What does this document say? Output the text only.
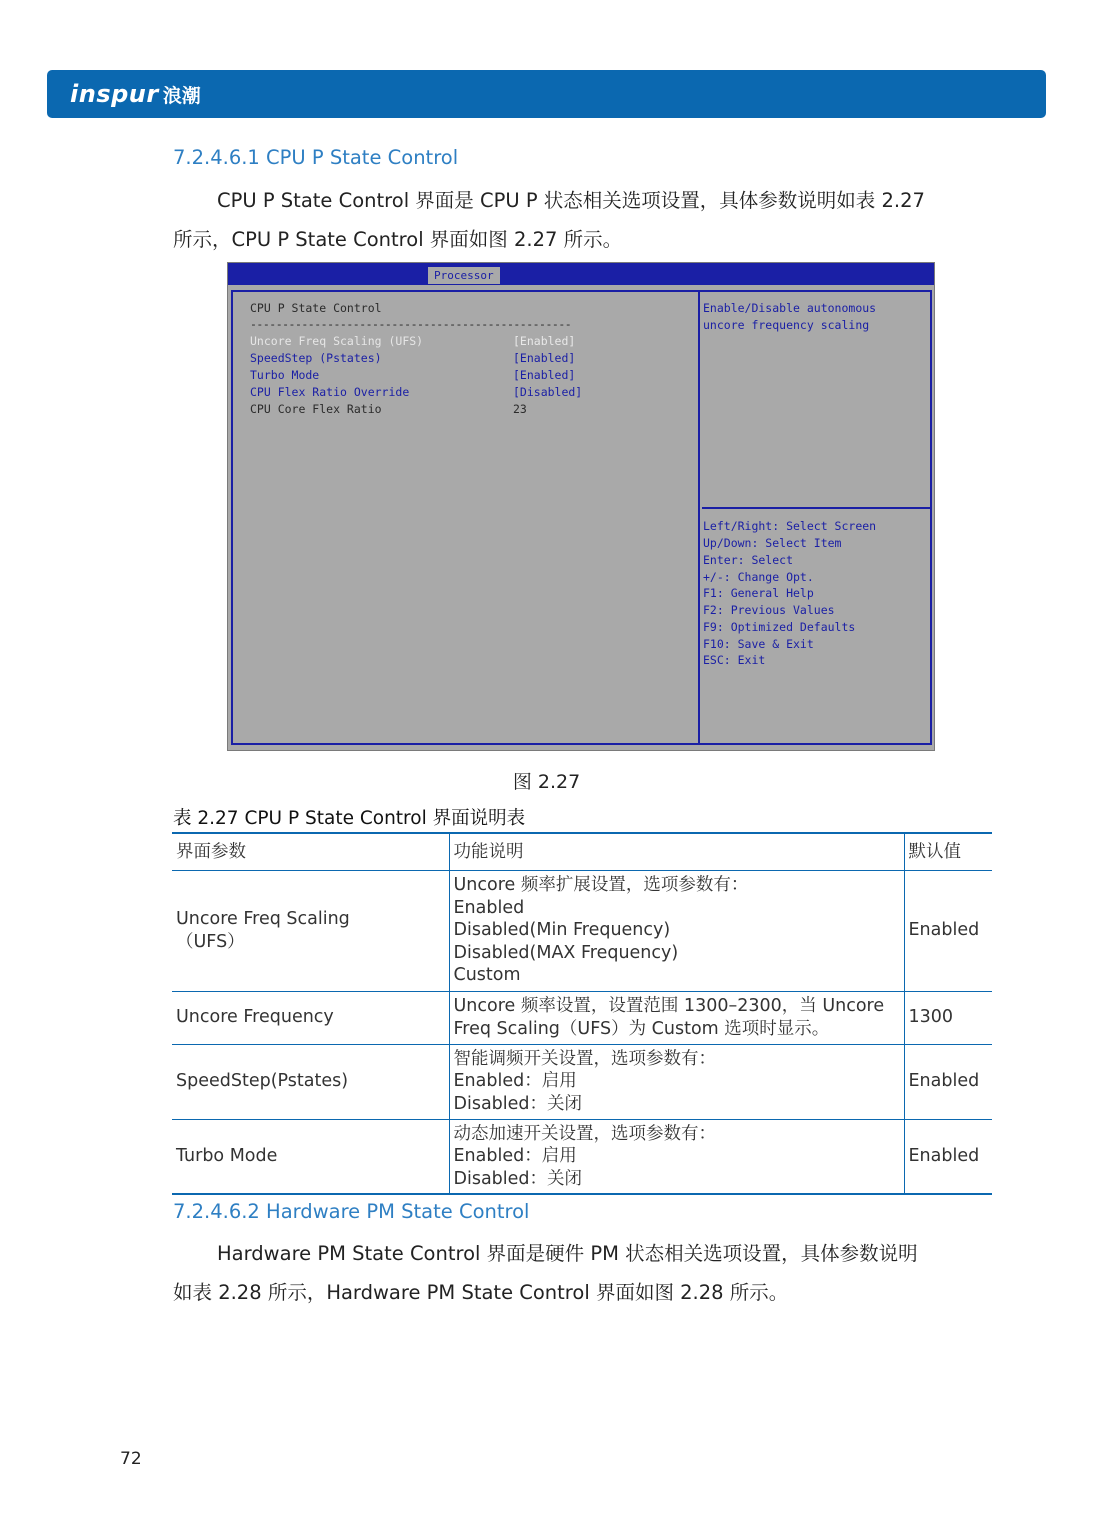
inspur 浪潮
7.2.4.6.1 CPU P State Control
CPU P State Control 界面是 CPU P 状态相关选项设置，具体参数说明如表 2.27
所示，CPU P State Control 界面如图 2.27 所示。
Processor
CPU P State Control
--------------------------------------------------
Uncore Freq Scaling (UFS)	[Enabled]
SpeedStep (Pstates)	[Enabled]
Turbo Mode	[Enabled]
CPU Flex Ratio Override	[Disabled]
CPU Core Flex Ratio	23
Enable/Disable autonomous
uncore frequency scaling
Left/Right: Select Screen
Up/Down: Select Item
Enter: Select
+/-: Change Opt.
F1: General Help
F2: Previous Values
F9: Optimized Defaults
F10: Save & Exit
ESC: Exit
图 2.27
表 2.27 CPU P State Control 界面说明表
界面参数	功能说明	默认值

Uncore Freq Scaling
（UFS）	Uncore 频率扩展设置，选项参数有：
Enabled
Disabled(Min Frequency)
Disabled(MAX Frequency)
Custom	Enabled

Uncore Frequency	Uncore 频率设置，设置范围 1300–2300，当 Uncore
Freq Scaling（UFS）为 Custom 选项时显示。	1300

SpeedStep(Pstates)	智能调频开关设置，选项参数有：
Enabled：启用
Disabled：关闭	Enabled

Turbo Mode	动态加速开关设置，选项参数有：
Enabled：启用
Disabled：关闭	Enabled
7.2.4.6.2 Hardware PM State Control
Hardware PM State Control 界面是硬件 PM 状态相关选项设置，具体参数说明
如表 2.28 所示，Hardware PM State Control 界面如图 2.28 所示。
72
